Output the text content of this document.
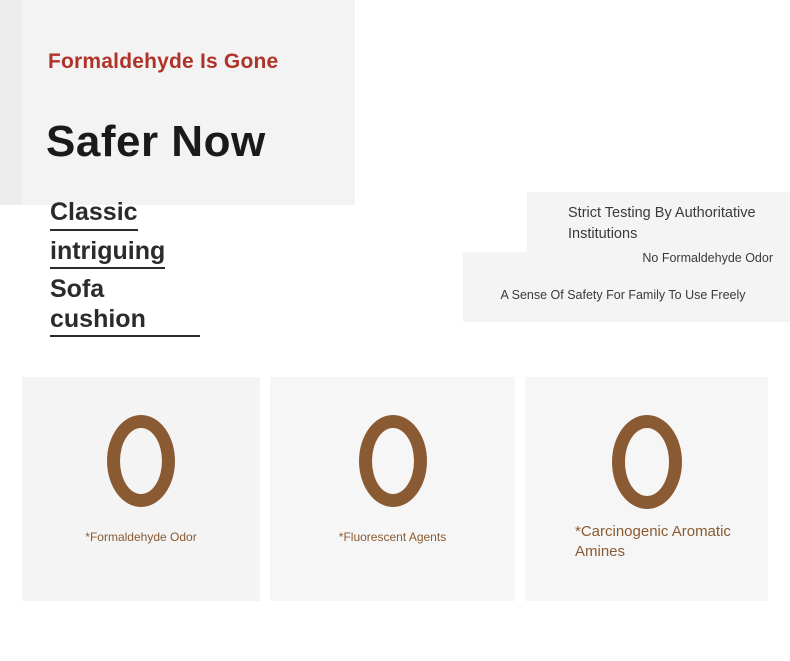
Formaldehyde Is Gone
Safer Now
Classic
intriguing
Sofa cushion
Strict Testing By Authoritative Institutions
No Formaldehyde Odor
A Sense Of Safety For Family To Use Freely
*Formaldehyde Odor	*Fluorescent Agents	*Carcinogenic Aromatic Amines
